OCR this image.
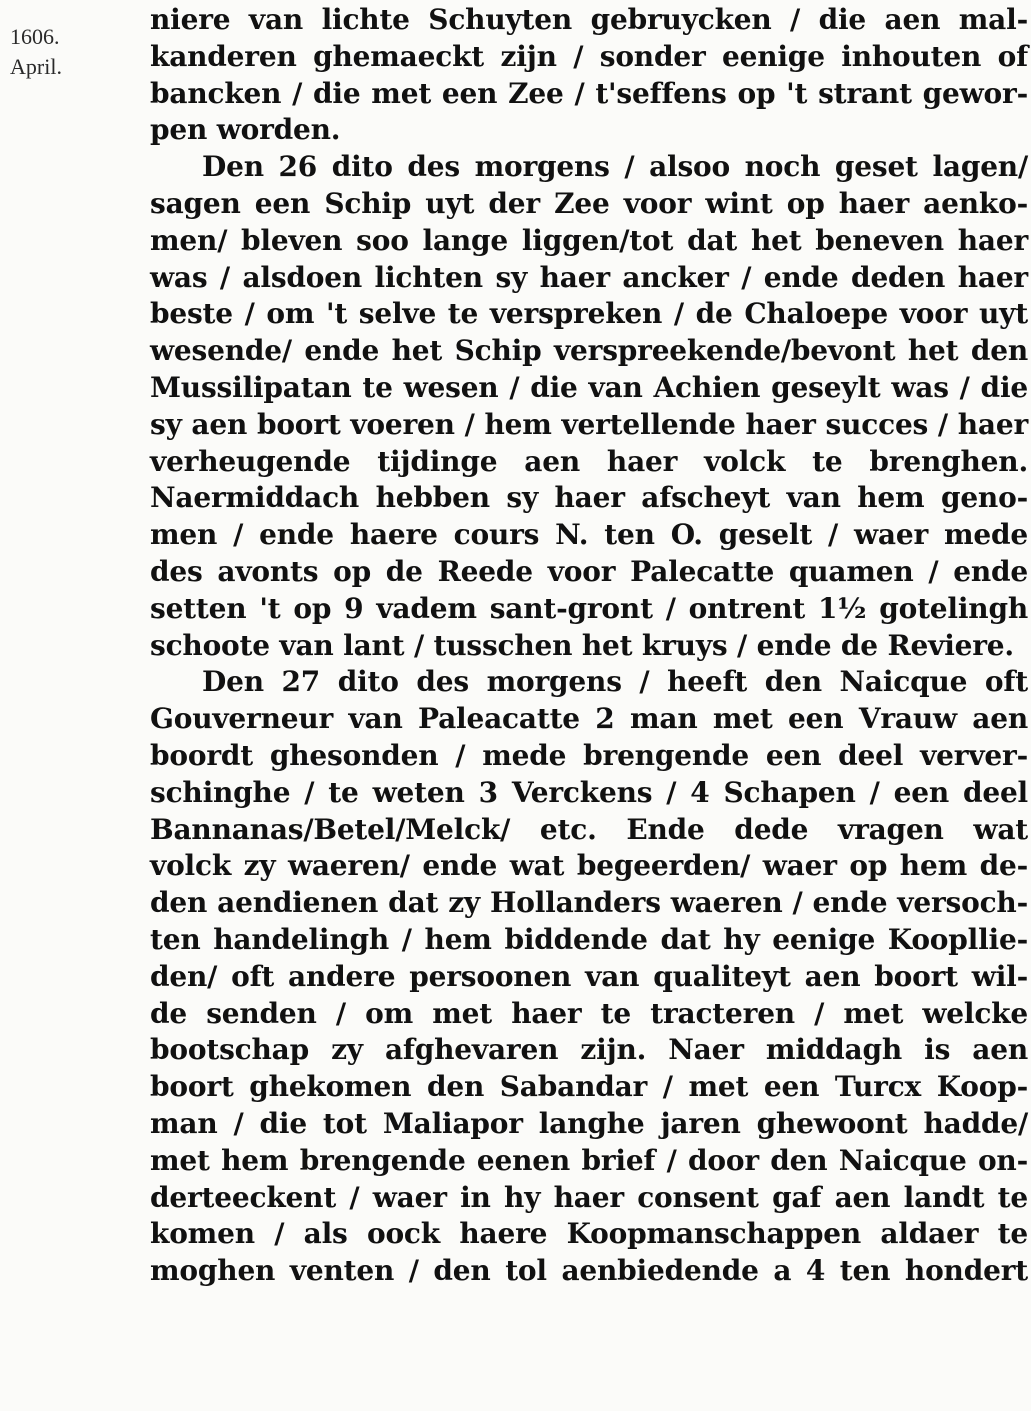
1606.
April.
niere van lichte Schuyten gebruycken / die aen mal-
kanderen ghemaeckt zijn / sonder eenige inhouten of
bancken / die met een Zee / t'seffens op 't strant gewor-
pen worden.
Den 26 dito des morgens / alsoo noch geset lagen/
sagen een Schip uyt der Zee voor wint op haer aenko-
men/ bleven soo lange liggen/tot dat het beneven haer
was / alsdoen lichten sy haer ancker / ende deden haer
beste / om 't selve te verspreken / de Chaloepe voor uyt
wesende/ ende het Schip verspreekende/bevont het den
Mussilipatan te wesen / die van Achien geseylt was / die
sy aen boort voeren / hem vertellende haer succes / haer
verheugende tijdinge aen haer volck te brenghen.
Naermiddach hebben sy haer afscheyt van hem geno-
men / ende haere cours N. ten O. geselt / waer mede
des avonts op de Reede voor Palecatte quamen / ende
setten 't op 9 vadem sant-gront / ontrent 1½ gotelingh
schoote van lant / tusschen het kruys / ende de Reviere.
Den 27 dito des morgens / heeft den Naicque oft
Gouverneur van Paleacatte 2 man met een Vrauw aen
boordt ghesonden / mede brengende een deel verver-
schinghe / te weten 3 Verckens / 4 Schapen / een deel
Bannanas/Betel/Melck/ etc. Ende dede vragen wat
volck zy waeren/ ende wat begeerden/ waer op hem de-
den aendienen dat zy Hollanders waeren / ende versoch-
ten handelingh / hem biddende dat hy eenige Koopllie-
den/ oft andere persoonen van qualiteyt aen boort wil-
de senden / om met haer te tracteren / met welcke
bootschap zy afghevaren zijn. Naer middagh is aen
boort ghekomen den Sabandar / met een Turcx Koop-
man / die tot Maliapor langhe jaren ghewoont hadde/
met hem brengende eenen brief / door den Naicque on-
derteeckent / waer in hy haer consent gaf aen landt te
komen / als oock haere Koopmanschappen aldaer te
moghen venten / den tol aenbiedende a 4 ten hondert
